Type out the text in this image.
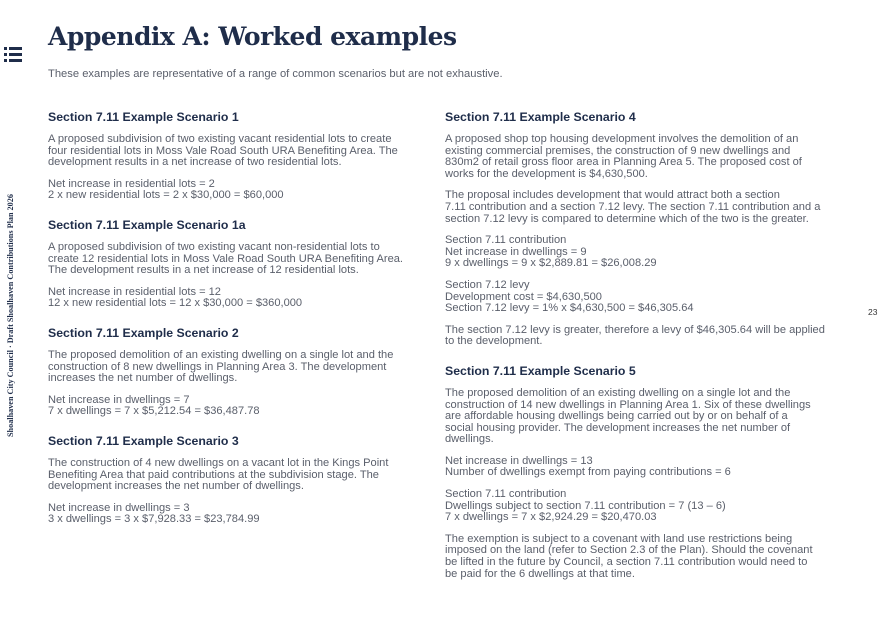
Shoalhaven City Council · Draft Shoalhaven Contributions Plan 2026
Appendix A: Worked examples
These examples are representative of a range of common scenarios but are not exhaustive.
Section 7.11 Example Scenario 1

A proposed subdivision of two existing vacant residential lots to create
four residential lots in Moss Vale Road South URA Benefiting Area. The
development results in a net increase of two residential lots.

Net increase in residential lots = 2
2 x new residential lots = 2 x $30,000 = $60,000

Section 7.11 Example Scenario 1a

A proposed subdivision of two existing vacant non-residential lots to
create 12 residential lots in Moss Vale Road South URA Benefiting Area.
The development results in a net increase of 12 residential lots.

Net increase in residential lots = 12
12 x new residential lots = 12 x $30,000 = $360,000

Section 7.11 Example Scenario 2

The proposed demolition of an existing dwelling on a single lot and the
construction of 8 new dwellings in Planning Area 3. The development
increases the net number of dwellings.

Net increase in dwellings = 7
7 x dwellings = 7 x $5,212.54 = $36,487.78

Section 7.11 Example Scenario 3

The construction of 4 new dwellings on a vacant lot in the Kings Point
Benefiting Area that paid contributions at the subdivision stage. The
development increases the net number of dwellings.

Net increase in dwellings = 3
3 x dwellings = 3 x $7,928.33 = $23,784.99

Section 7.11 Example Scenario 4

A proposed shop top housing development involves the demolition of an
existing commercial premises, the construction of 9 new dwellings and
830m2 of retail gross floor area in Planning Area 5. The proposed cost of
works for the development is $4,630,500.

The proposal includes development that would attract both a section
7.11 contribution and a section 7.12 levy. The section 7.11 contribution and a
section 7.12 levy is compared to determine which of the two is the greater.

Section 7.11 contribution
Net increase in dwellings = 9
9 x dwellings = 9 x $2,889.81 = $26,008.29

Section 7.12 levy
Development cost = $4,630,500
Section 7.12 levy = 1% x $4,630,500 = $46,305.64

The section 7.12 levy is greater, therefore a levy of $46,305.64 will be applied
to the development.

Section 7.11 Example Scenario 5

The proposed demolition of an existing dwelling on a single lot and the
construction of 14 new dwellings in Planning Area 1. Six of these dwellings
are affordable housing dwellings being carried out by or on behalf of a
social housing provider. The development increases the net number of
dwellings.

Net increase in dwellings = 13
Number of dwellings exempt from paying contributions = 6

Section 7.11 contribution
Dwellings subject to section 7.11 contribution = 7 (13 – 6)
7 x dwellings = 7 x $2,924.29 = $20,470.03

The exemption is subject to a covenant with land use restrictions being
imposed on the land (refer to Section 2.3 of the Plan). Should the covenant
be lifted in the future by Council, a section 7.11 contribution would need to
be paid for the 6 dwellings at that time.

23
